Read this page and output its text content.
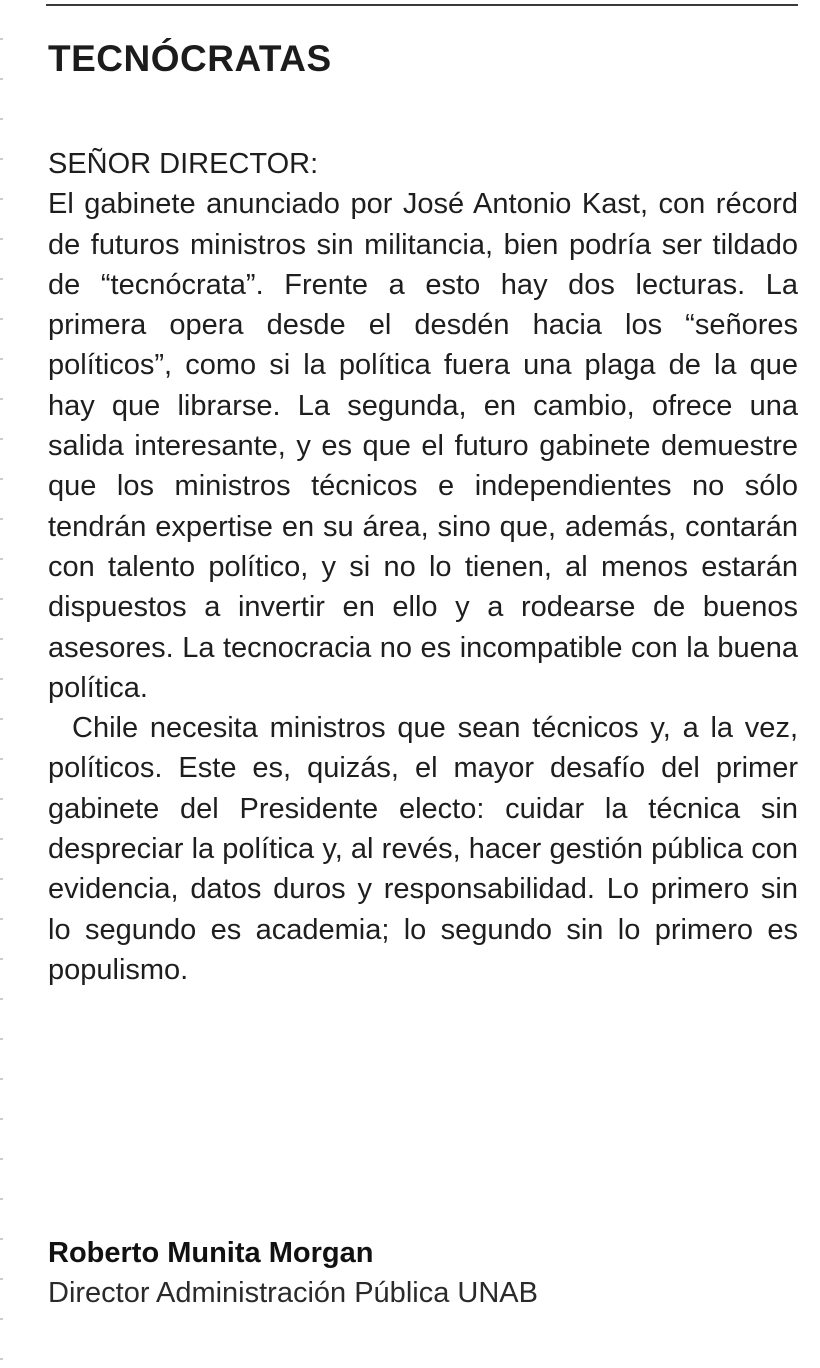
TECNÓCRATAS

SEÑOR DIRECTOR:

El gabinete anunciado por José Antonio Kast, con récord de futuros ministros sin militancia, bien podría ser tildado de “tecnócrata”. Frente a esto hay dos lecturas. La primera opera desde el desdén hacia los “señores políticos”, como si la política fuera una plaga de la que hay que librarse. La segunda, en cambio, ofrece una salida interesante, y es que el futuro gabinete demuestre que los ministros técnicos e independientes no sólo tendrán expertise en su área, sino que, además, contarán con talento político, y si no lo tienen, al menos estarán dispuestos a invertir en ello y a rodearse de buenos asesores. La tecnocracia no es incompatible con la buena política.

Chile necesita ministros que sean técnicos y, a la vez, políticos. Este es, quizás, el mayor desafío del primer gabinete del Presidente electo: cuidar la técnica sin despreciar la política y, al revés, hacer gestión pública con evidencia, datos duros y responsabilidad. Lo primero sin lo segundo es academia; lo segundo sin lo primero es populismo.

Roberto Munita Morgan
Director Administración Pública UNAB
